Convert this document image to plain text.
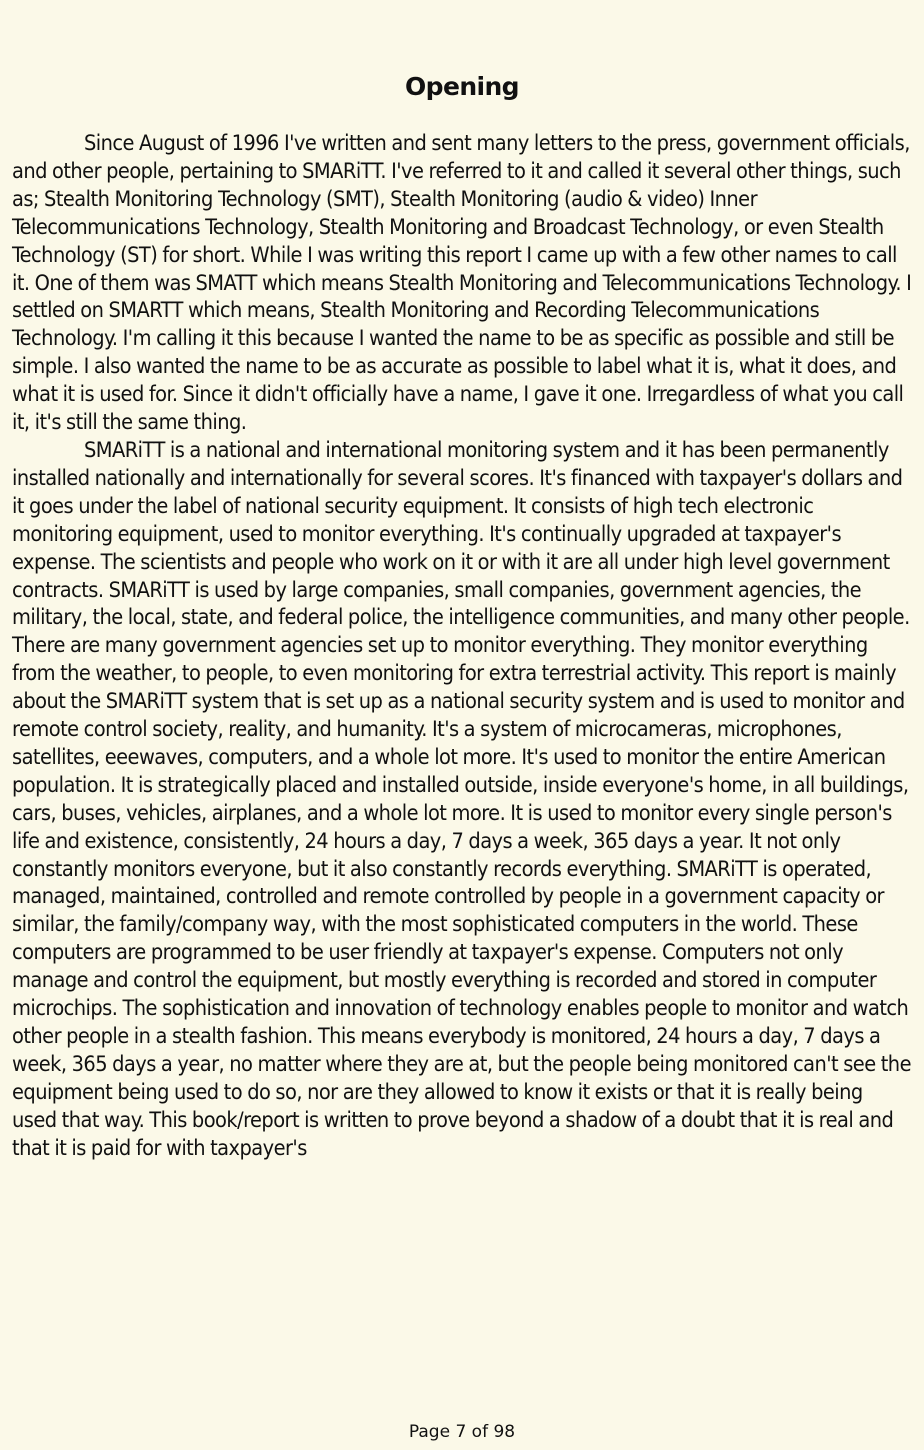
Opening

Since August of 1996 I've written and sent many letters to the press, government officials, and other people, pertaining to SMARiTT. I've referred to it and called it several other things, such as; Stealth Monitoring Technology (SMT), Stealth Monitoring (audio & video) Inner Telecommunications Technology, Stealth Monitoring and Broadcast Technology, or even Stealth Technology (ST) for short. While I was writing this report I came up with a few other names to call it. One of them was SMATT which means Stealth Monitoring and Telecommunications Technology. I settled on SMARTT which means, Stealth Monitoring and Recording Telecommunications Technology. I'm calling it this because I wanted the name to be as specific as possible and still be simple. I also wanted the name to be as accurate as possible to label what it is, what it does, and what it is used for. Since it didn't officially have a name, I gave it one. Irregardless of what you call it, it's still the same thing.

SMARiTT is a national and international monitoring system and it has been permanently installed nationally and internationally for several scores. It's financed with taxpayer's dollars and it goes under the label of national security equipment. It consists of high tech electronic monitoring equipment, used to monitor everything. It's continually upgraded at taxpayer's expense. The scientists and people who work on it or with it are all under high level government contracts. SMARiTT is used by large companies, small companies, government agencies, the military, the local, state, and federal police, the intelligence communities, and many other people. There are many government agencies set up to monitor everything. They monitor everything from the weather, to people, to even monitoring for extra terrestrial activity. This report is mainly about the SMARiTT system that is set up as a national security system and is used to monitor and remote control society, reality, and humanity. It's a system of microcameras, microphones, satellites, eeewaves, computers, and a whole lot more. It's used to monitor the entire American population. It is strategically placed and installed outside, inside everyone's home, in all buildings, cars, buses, vehicles, airplanes, and a whole lot more. It is used to monitor every single person's life and existence, consistently, 24 hours a day, 7 days a week, 365 days a year. It not only constantly monitors everyone, but it also constantly records everything. SMARiTT is operated, managed, maintained, controlled and remote controlled by people in a government capacity or similar, the family/company way, with the most sophisticated computers in the world. These computers are programmed to be user friendly at taxpayer's expense. Computers not only manage and control the equipment, but mostly everything is recorded and stored in computer microchips. The sophistication and innovation of technology enables people to monitor and watch other people in a stealth fashion. This means everybody is monitored, 24 hours a day, 7 days a week, 365 days a year, no matter where they are at, but the people being monitored can't see the equipment being used to do so, nor are they allowed to know it exists or that it is really being used that way. This book/report is written to prove beyond a shadow of a doubt that it is real and that it is paid for with taxpayer's

Page 7 of 98
